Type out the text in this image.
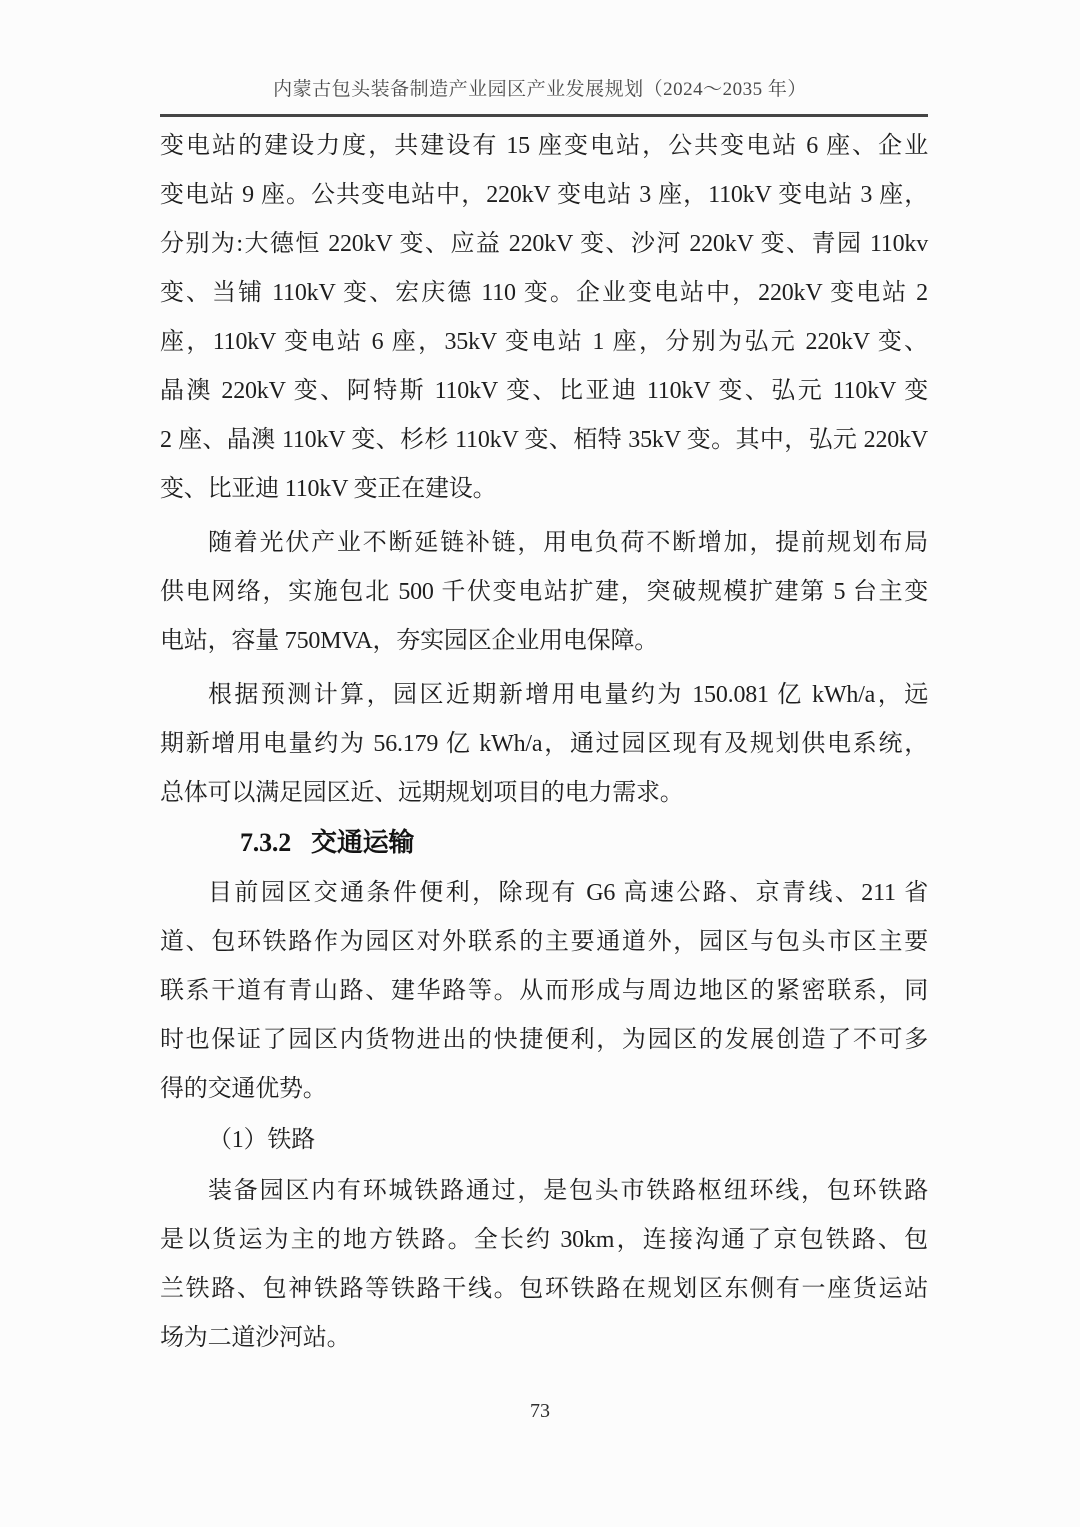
内蒙古包头装备制造产业园区产业发展规划（2024～2035 年）
变电站的建设力度，共建设有 15 座变电站，公共变电站 6 座、企业
变电站 9 座。公共变电站中，220kV 变电站 3 座，110kV 变电站 3 座，
分别为:大德恒 220kV 变、应益 220kV 变、沙河 220kV 变、青园 110kv
变、当铺 110kV 变、宏庆德 110 变。企业变电站中，220kV 变电站 2
座，110kV 变电站 6 座，35kV 变电站 1 座，分别为弘元 220kV 变、
晶澳 220kV 变、阿特斯 110kV 变、比亚迪 110kV 变、弘元 110kV 变
2 座、晶澳 110kV 变、杉杉 110kV 变、栢特 35kV 变。其中，弘元 220kV
变、比亚迪 110kV 变正在建设。
随着光伏产业不断延链补链，用电负荷不断增加，提前规划布局
供电网络，实施包北 500 千伏变电站扩建，突破规模扩建第 5 台主变
电站，容量 750MVA，夯实园区企业用电保障。
根据预测计算，园区近期新增用电量约为 150.081 亿 kWh/a，远
期新增用电量约为 56.179 亿 kWh/a，通过园区现有及规划供电系统，
总体可以满足园区近、远期规划项目的电力需求。
7.3.2 交通运输
目前园区交通条件便利，除现有 G6 高速公路、京青线、211 省
道、包环铁路作为园区对外联系的主要通道外，园区与包头市区主要
联系干道有青山路、建华路等。从而形成与周边地区的紧密联系，同
时也保证了园区内货物进出的快捷便利，为园区的发展创造了不可多
得的交通优势。
（1）铁路
装备园区内有环城铁路通过，是包头市铁路枢纽环线，包环铁路
是以货运为主的地方铁路。全长约 30km，连接沟通了京包铁路、包
兰铁路、包神铁路等铁路干线。包环铁路在规划区东侧有一座货运站
场为二道沙河站。
73
